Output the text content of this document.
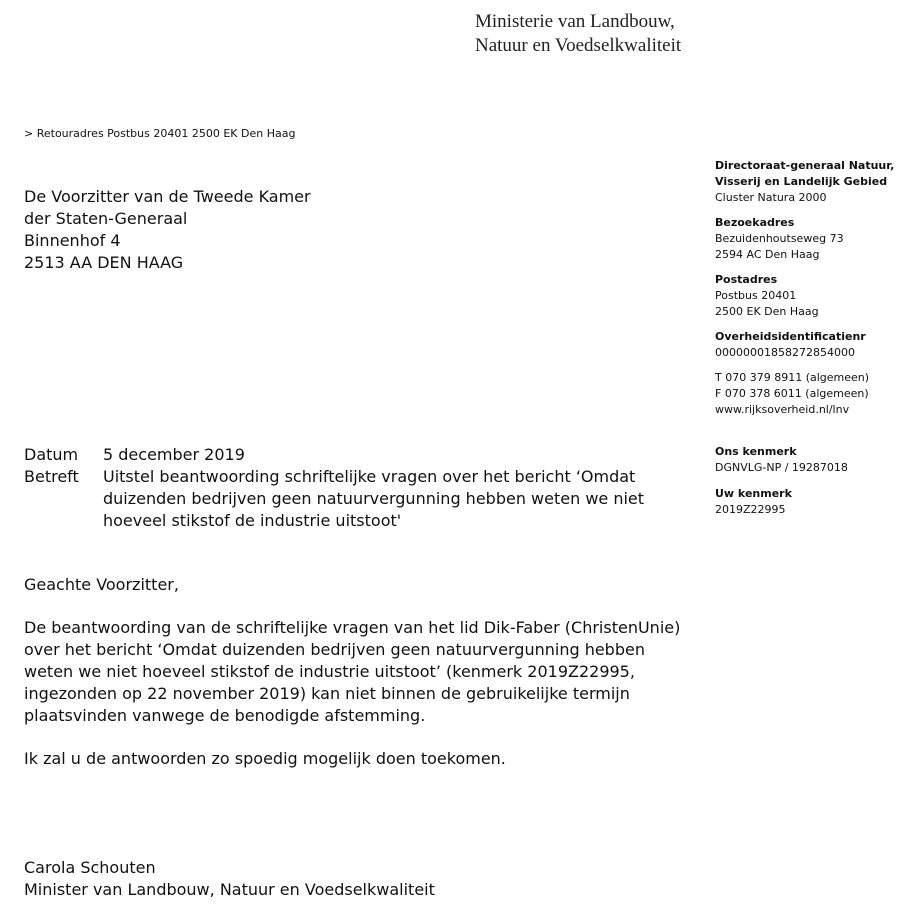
Ministerie van Landbouw,
Natuur en Voedselkwaliteit
> Retouradres Postbus 20401 2500 EK Den Haag
De Voorzitter van de Tweede Kamer
der Staten-Generaal
Binnenhof 4
2513 AA DEN HAAG
Directoraat-generaal Natuur,
Visserij en Landelijk Gebied
Cluster Natura 2000
Bezoekadres
Bezuidenhoutseweg 73
2594 AC Den Haag
Postadres
Postbus 20401
2500 EK Den Haag
Overheidsidentificatienr
00000001858272854000
T 070 379 8911 (algemeen)
F 070 378 6011 (algemeen)
www.rijksoverheid.nl/lnv
Ons kenmerk
DGNVLG-NP / 19287018
Uw kenmerk
2019Z22995
Datum	5 december 2019
Betreft	Uitstel beantwoording schriftelijke vragen over het bericht ‘Omdat
duizenden bedrijven geen natuurvergunning hebben weten we niet
hoeveel stikstof de industrie uitstoot'
Geachte Voorzitter,
De beantwoording van de schriftelijke vragen van het lid Dik-Faber (ChristenUnie)
over het bericht ‘Omdat duizenden bedrijven geen natuurvergunning hebben
weten we niet hoeveel stikstof de industrie uitstoot’ (kenmerk 2019Z22995,
ingezonden op 22 november 2019) kan niet binnen de gebruikelijke termijn
plaatsvinden vanwege de benodigde afstemming.
Ik zal u de antwoorden zo spoedig mogelijk doen toekomen.
Carola Schouten
Minister van Landbouw, Natuur en Voedselkwaliteit
